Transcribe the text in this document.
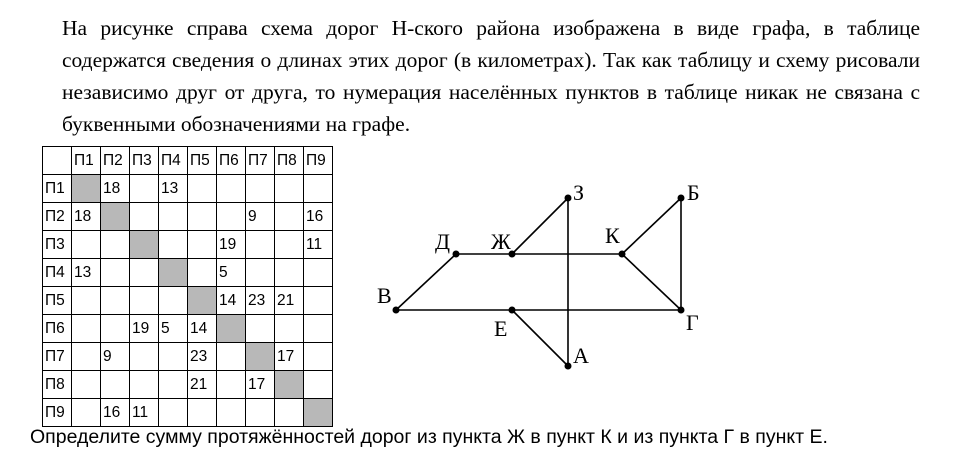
На рисунке справа схема дорог Н-ского района изображена в виде графа, в таблице содержатся сведения о длинах этих дорог (в километрах). Так как таблицу и схему рисовали независимо друг от друга, то нумерация населённых пунктов в таблице никак не связана с буквенными обозначениями на графе.
	П1	П2	П3	П4	П5	П6	П7	П8	П9
П1		18		13					
П2	18						9		16
П3						19			11
П4	13					5			
П5						14	23	21	
П6			19	5	14				
П7		9			23			17	
П8					21		17		
П9		16	11						
А
Б
В
Г
Д
Е
Ж
З
К
Определите сумму протяжённостей дорог из пункта Ж в пункт К и из пункта Г в пункт Е.
